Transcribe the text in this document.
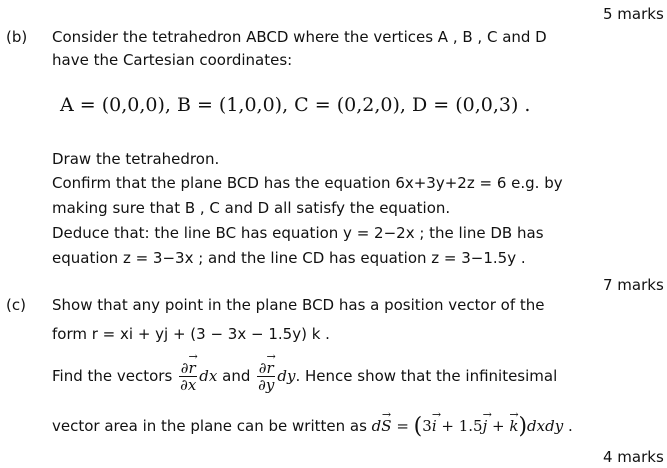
5 marks
7 marks
4 marks
(b)
(c)
Consider the tetrahedron ABCD where the vertices A , B , C and D
have the Cartesian coordinates:
A = (0,0,0), B = (1,0,0), C = (0,2,0), D = (0,0,3) .
Draw the tetrahedron.
Confirm that the plane BCD has the equation 6x+3y+2z = 6 e.g. by
making sure that B , C and D all satisfy the equation.
Deduce that: the line BC has equation y = 2−2x ; the line DB has
equation z = 3−3x ; and the line CD has equation z = 3−1.5y .
Show that any point in the plane BCD has a position vector of the
form r = xi + yj + (3 − 3x − 1.5y) k .
Find the vectors $\frac{\partial r \to}{\partial x}$ dx and $\frac{\partial r \to}{\partial y}$ dy. Hence show that the infinitesimal
vector area in the plane can be written as dS → = (3i → + 1.5j → + k →)dxdy .
